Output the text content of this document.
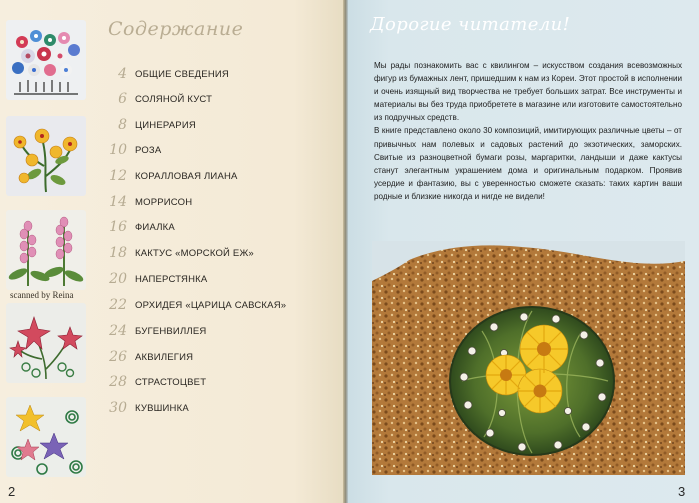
scanned by Reina
Содержание
4 ОБЩИЕ СВЕДЕНИЯ
6 СОЛЯНОЙ КУСТ
8 ЦИНЕРАРИЯ
10 РОЗА
12 КОРАЛЛОВАЯ ЛИАНА
14 МОРРИСОН
16 ФИАЛКА
18 КАКТУС «МОРСКОЙ ЕЖ»
20 НАПЕРСТЯНКА
22 ОРХИДЕЯ «ЦАРИЦА САВСКАЯ»
24 БУГЕНВИЛЛЕЯ
26 АКВИЛЕГИЯ
28 СТРАСТОЦВЕТ
30 КУВШИНКА
2
Дорогие читатели!

Мы рады познакомить вас с квилингом – искусством создания всевозможных фигур из бумажных лент, пришедшим к нам из Кореи. Этот простой в исполнении и очень изящный вид творчества не требует больших затрат. Все инструменты и материалы вы без труда приобретете в магазине или изготовите самостоятельно из подручных средств.

В книге представлено около 30 композиций, имитирующих различные цветы – от привычных нам полевых и садовых растений до экзотических, заморских. Свитые из разноцветной бумаги розы, маргаритки, ландыши и даже кактусы станут элегантным украшением дома и оригинальным подарком. Проявив усердие и фантазию, вы с уверенностью сможете сказать: таких картин ваши родные и близкие никогда и нигде не видели!

3
